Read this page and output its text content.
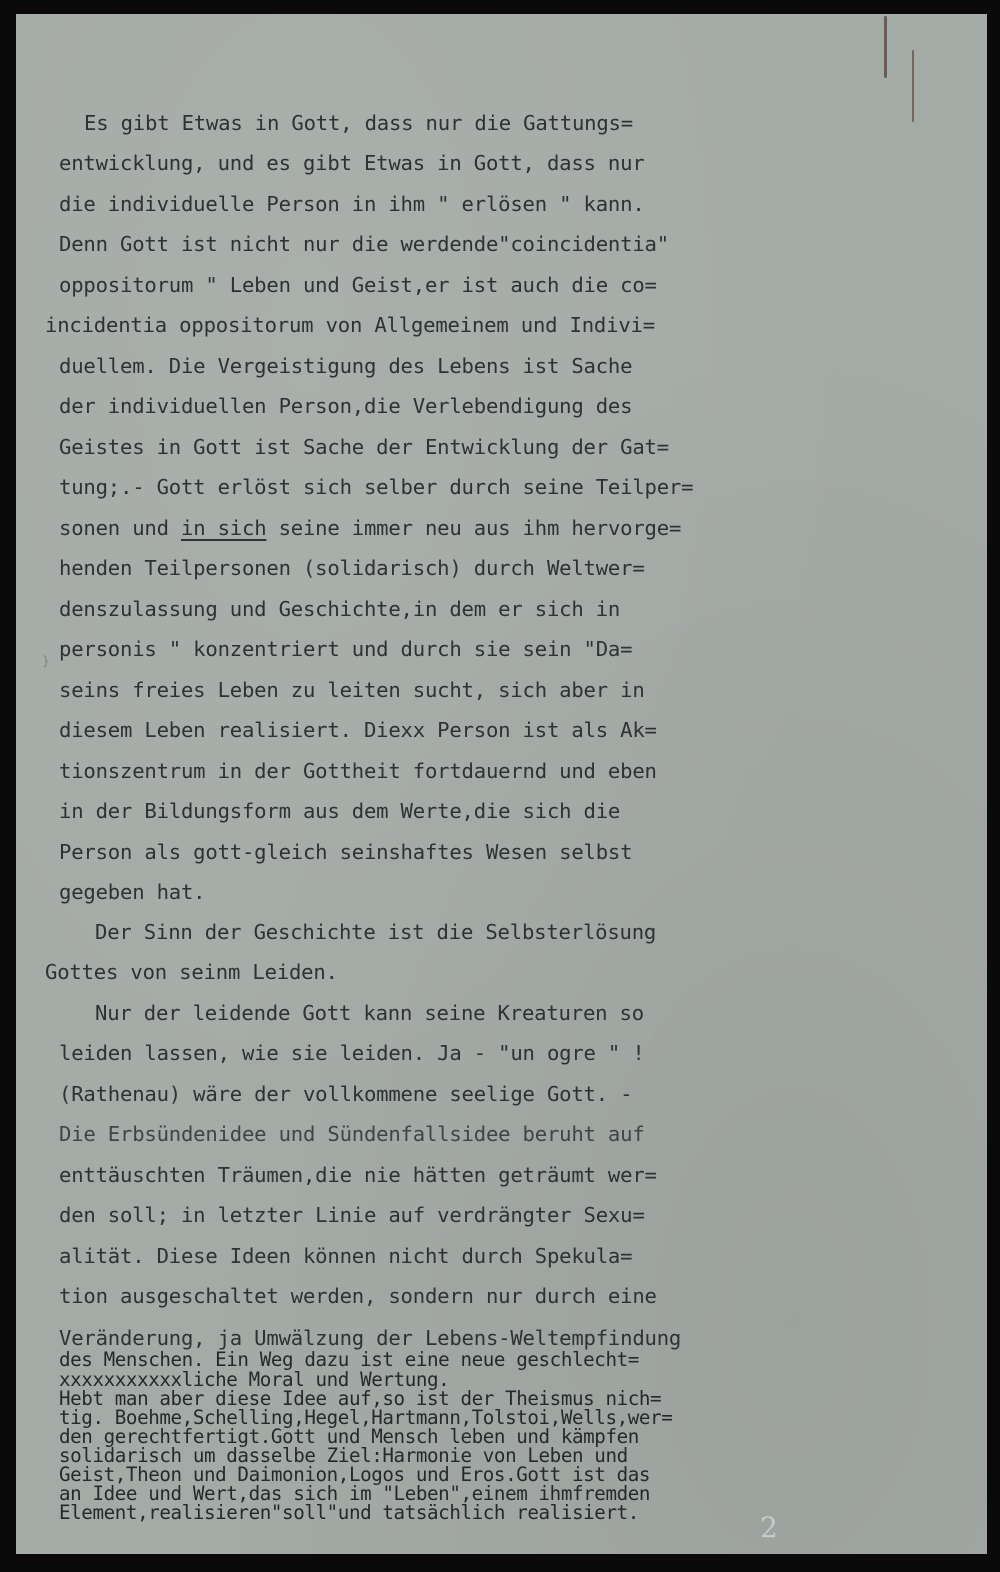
Es gibt Etwas in Gott, dass nur die Gattungs=
entwicklung, und es gibt Etwas in Gott, dass nur
die individuelle Person in ihm " erlösen " kann.
Denn Gott ist nicht nur die werdende"coincidentia"
oppositorum " Leben und Geist,er ist auch die co=
incidentia oppositorum von Allgemeinem und Indivi=
duellem. Die Vergeistigung des Lebens ist Sache
der individuellen Person,die Verlebendigung des
Geistes in Gott ist Sache der Entwicklung der Gat=
tung;.- Gott erlöst sich selber durch seine Teilper=
sonen und in sich seine immer neu aus ihm hervorge=
henden Teilpersonen (solidarisch) durch Weltwer=
denszulassung und Geschichte,in dem er sich in
personis " konzentriert und durch sie sein "Da=
seins freies Leben zu leiten sucht, sich aber in
diesem Leben realisiert. Diexx Person ist als Ak=
tionszentrum in der Gottheit fortdauernd und eben
in der Bildungsform aus dem Werte,die sich die
Person als gott-gleich seinshaftes Wesen selbst
gegeben hat.
Der Sinn der Geschichte ist die Selbsterlösung
Gottes von seinm Leiden.
Nur der leidende Gott kann seine Kreaturen so
leiden lassen, wie sie leiden. Ja - "un ogre " !
(Rathenau) wäre der vollkommene seelige Gott. -
Die Erbsündenidee und Sündenfallsidee beruht auf
enttäuschten Träumen,die nie hätten geträumt wer=
den soll; in letzter Linie auf verdrängter Sexu=
alität. Diese Ideen können nicht durch Spekula=
tion ausgeschaltet werden, sondern nur durch eine
Veränderung, ja Umwälzung der Lebens-Weltempfindung
des Menschen. Ein Weg dazu ist eine neue geschlecht=
xxxxxxxxxxxliche Moral und Wertung.
Hebt man aber diese Idee auf,so ist der Theismus nich=
tig. Boehme,Schelling,Hegel,Hartmann,Tolstoi,Wells,wer=
den gerechtfertigt.Gott und Mensch leben und kämpfen
solidarisch um dasselbe Ziel:Harmonie von Leben und
Geist,Theon und Daimonion,Logos und Eros.Gott ist das
an Idee und Wert,das sich im "Leben",einem ihmfremden
Element,realisieren"soll"und tatsächlich realisiert.
}
2
